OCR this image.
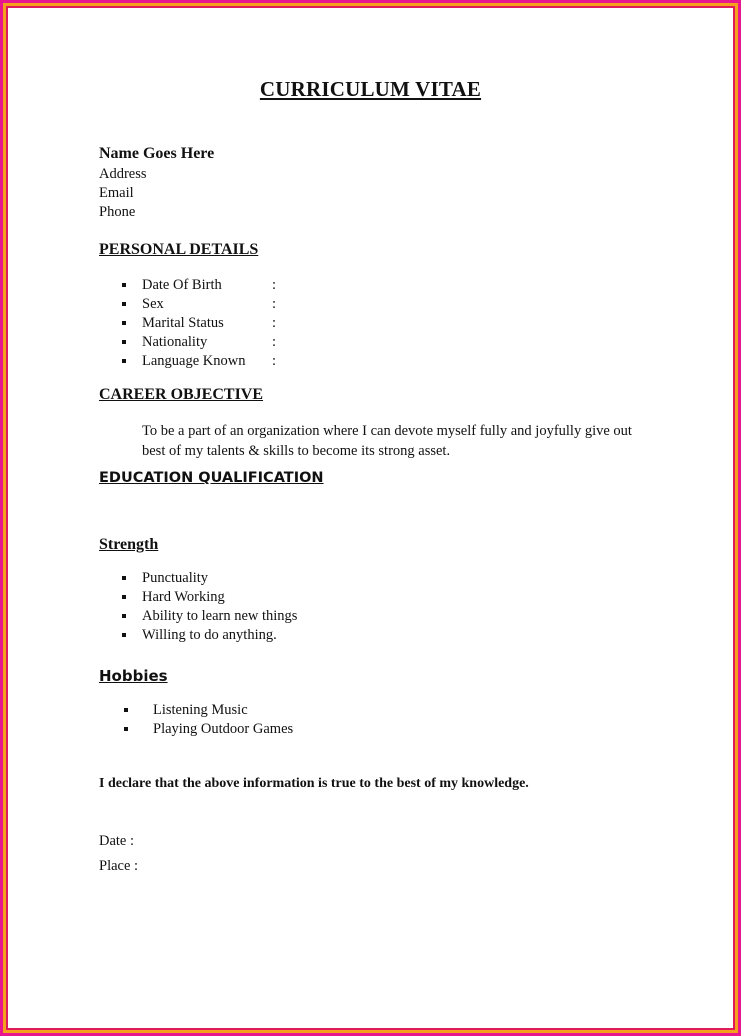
CURRICULUM VITAE
Name Goes Here
Address
Email
Phone
PERSONAL DETAILS
Date Of Birth	:
Sex	:
Marital Status	:
Nationality	:
Language Known :
CAREER OBJECTIVE
To be a part of an organization where I can devote myself fully and joyfully give out best of my talents & skills to become its strong asset.
EDUCATION QUALIFICATION
Strength
Punctuality
Hard Working
Ability to learn new things
Willing to do anything.
Hobbies
Listening Music
Playing Outdoor Games
I declare that the above information is true to the best of my knowledge.
Date :
Place :
